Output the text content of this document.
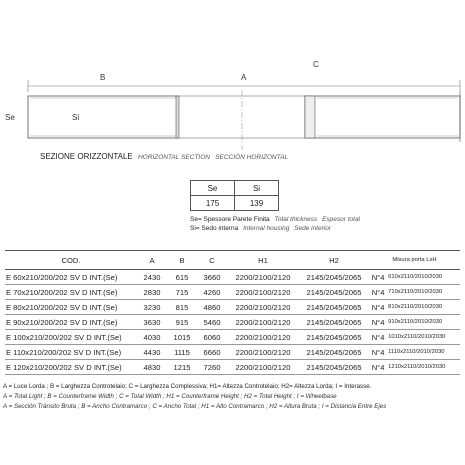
B	A
C
Se	Si
SEZIONE ORIZZONTALE HORIZONTAL SECTION SECCIÓN HORIZONTAL
Se	Si
175	139
Se= Spessore Parete Finita Total thickness Espesor total
Si= Sedo interna Internal housing Sede interior
COD.	A	B	C	H1	H2	Misura porta LxH	
E 60x210/200/202 SV D INT.(Se)	2430	615	3660	2200/2100/2120	2145/2045/2065	N°4	610x2110/2010/2030
E 70x210/200/202 SV D INT.(Se)	2830	715	4260	2200/2100/2120	2145/2045/2065	N°4	710x2110/2010/2030
E 80x210/200/202 SV D INT.(Se)	3230	815	4860	2200/2100/2120	2145/2045/2065	N°4	810x2110/2010/2030
E 90x210/200/202 SV D INT.(Se)	3630	915	5460	2200/2100/2120	2145/2045/2065	N°4	910x2110/2010/2030
E 100x210/200/202 SV D INT.(Se)	4030	1015	6060	2200/2100/2120	2145/2045/2065	N°4	1010x2110/2010/2030
E 110x210/200/202 SV D INT.(Se)	4430	1115	6660	2200/2100/2120	2145/2045/2065	N°4	1110x2110/2010/2030
E 120x210/200/202 SV D INT.(Se)	4830	1215	7260	2200/2100/2120	2145/2045/2065	N°4	1210x2110/2010/2030
A = Luce Lorda ; B = Larghezza Controtelaio; C = Larghezza Complessiva; H1= Altezza Controtelaio; H2= Altezza Lorda; I = Interasse.
A = Total Light ; B = Counterframe Width ; C = Total Width ; H1 = Counterframe Height ; H2 = Total Height ; I = Wheelbase
A = Sección Tránsito Bruta ; B = Ancho Contramarco ; C = Ancho Total ; H1 = Alto Contramarco ; H2 = Altura Bruta ; I = Distancia Entre Ejes
